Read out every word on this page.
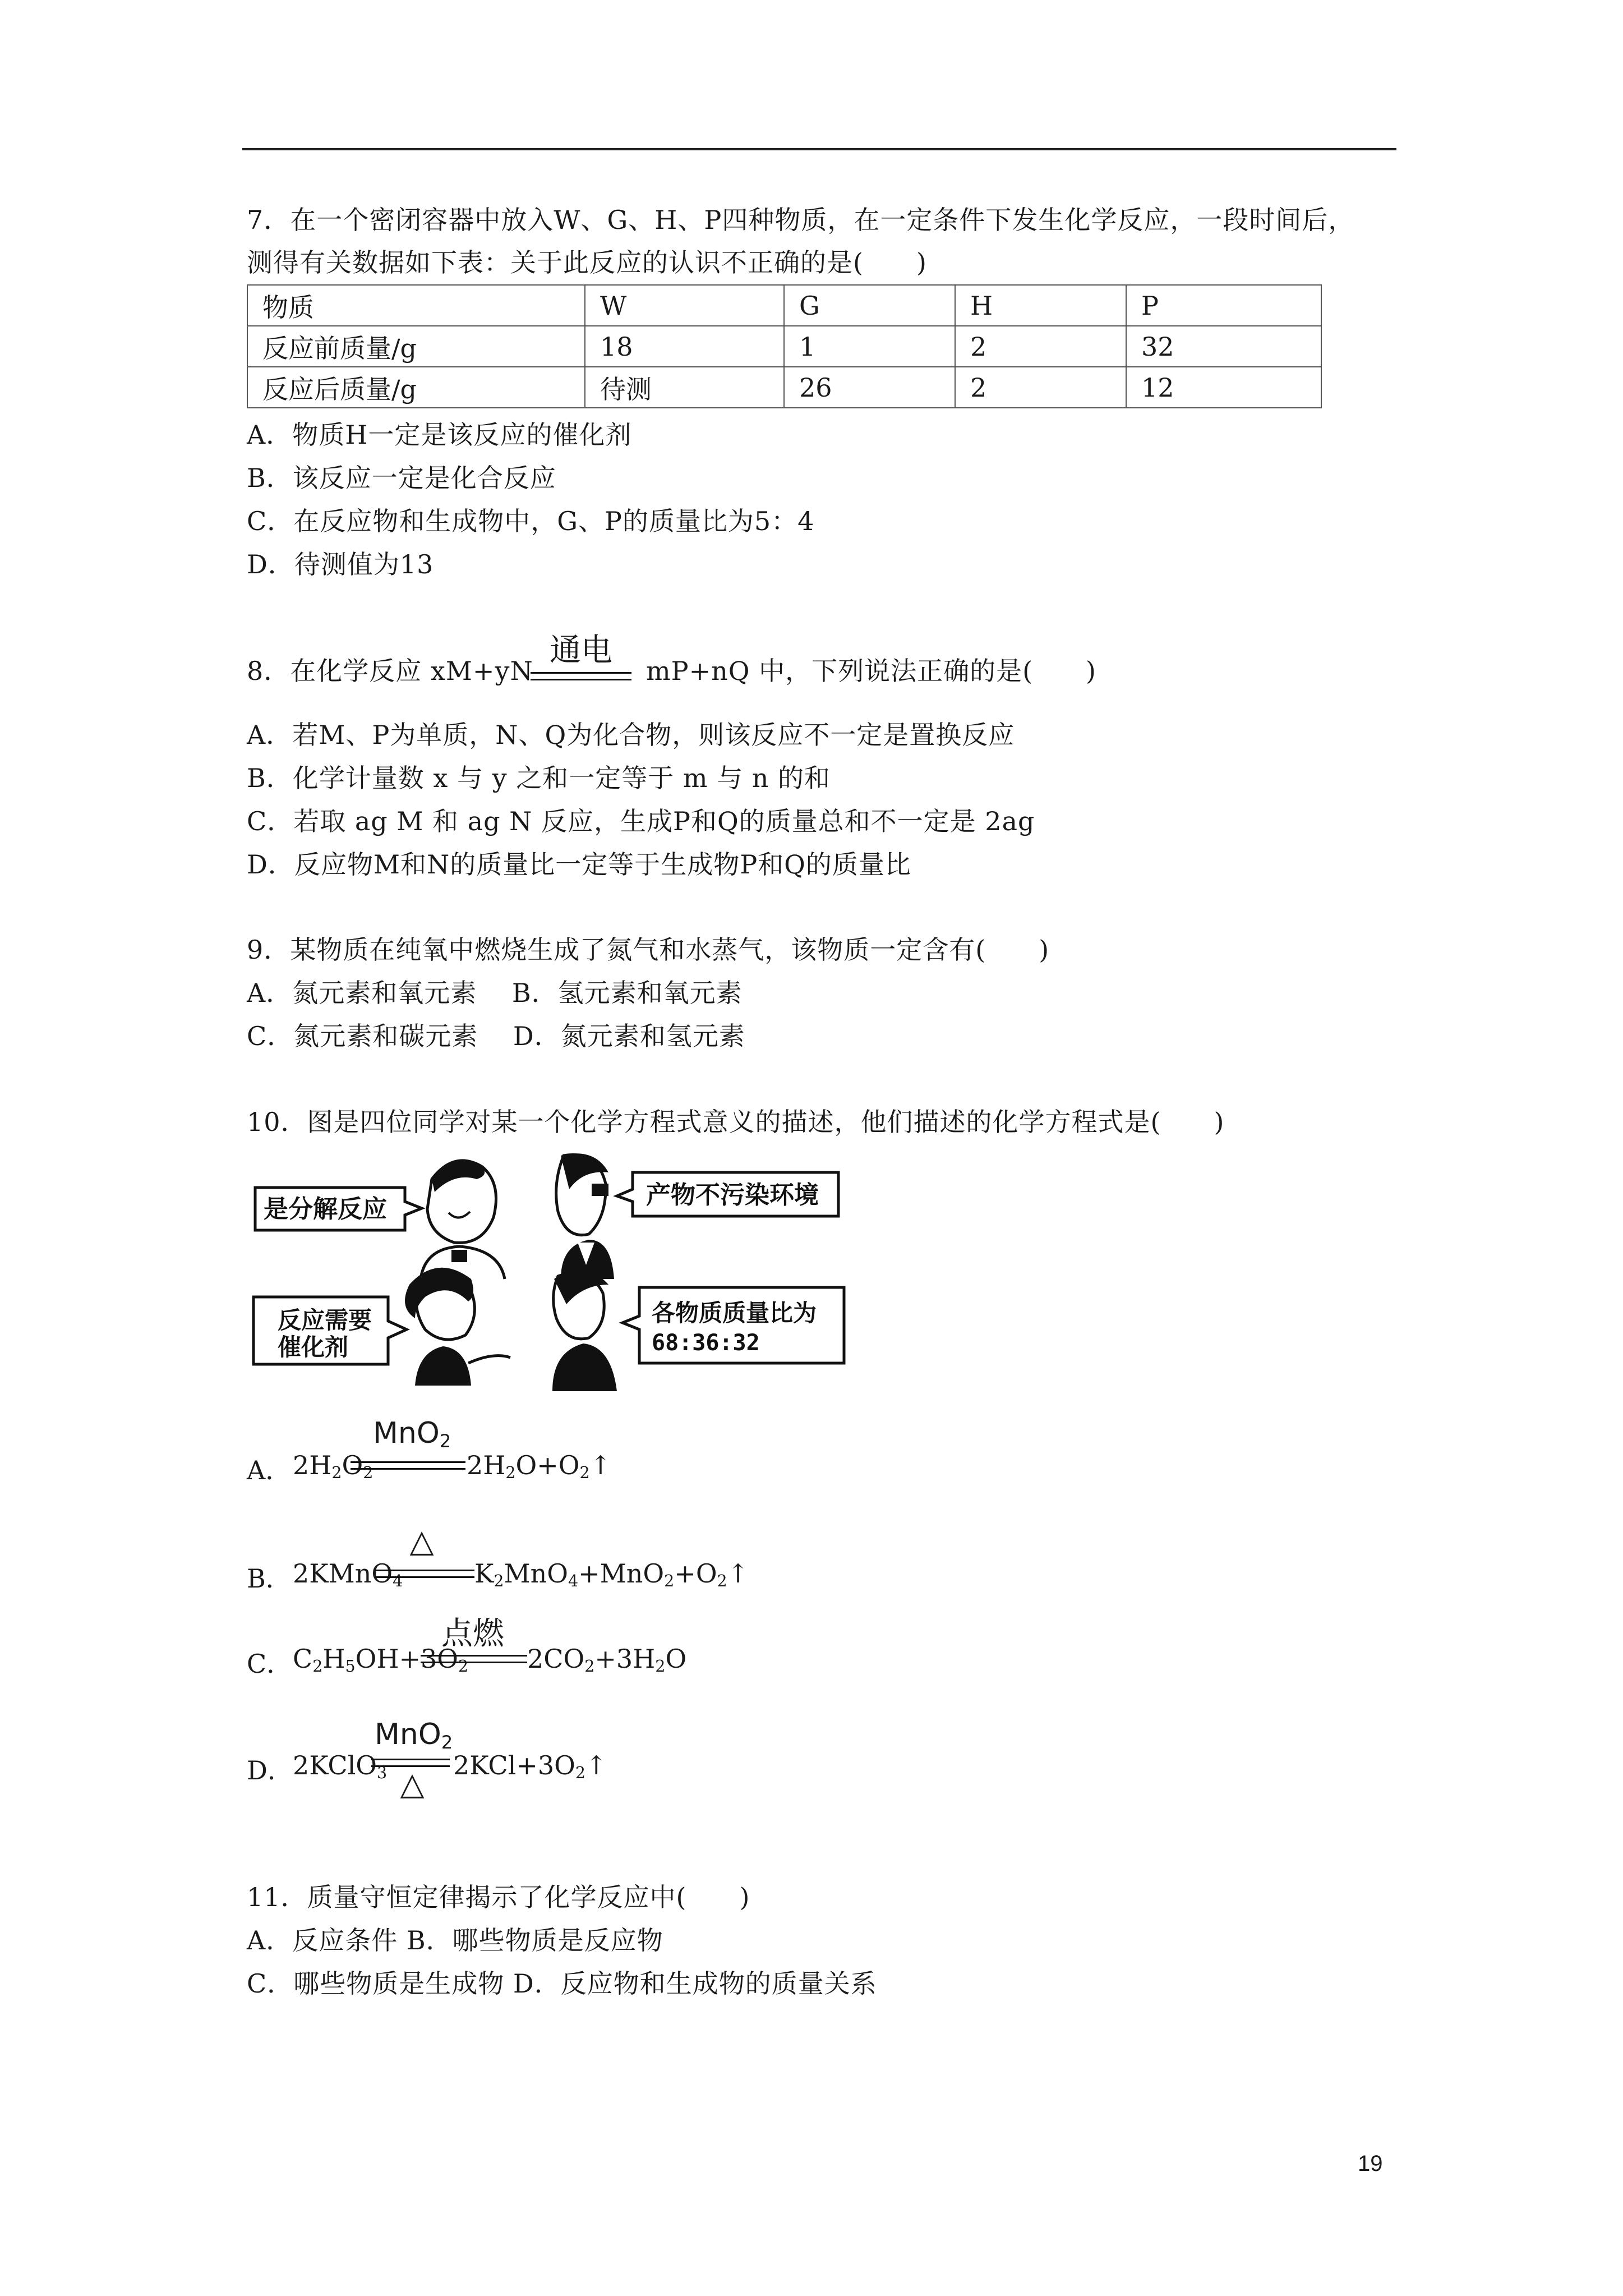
7．在一个密闭容器中放入W、G、H、P四种物质，在一定条件下发生化学反应，一段时间后，
测得有关数据如下表：关于此反应的认识不正确的是(　　)
物质	W	G	H	P
反应前质量/g	18	1	2	32
反应后质量/g	待测	26	2	12
A．物质H一定是该反应的催化剂
B．该反应一定是化合反应
C．在反应物和生成物中，G、P的质量比为5：4
D．待测值为13
8．在化学反应 xM+yN
通电
mP+nQ 中，下列说法正确的是(　　)
A．若M、P为单质，N、Q为化合物，则该反应不一定是置换反应
B．化学计量数 x 与 y 之和一定等于 m 与 n 的和
C．若取 ag M 和 ag N 反应，生成P和Q的质量总和不一定是 2ag
D．反应物M和N的质量比一定等于生成物P和Q的质量比
9．某物质在纯氧中燃烧生成了氮气和水蒸气，该物质一定含有(　　)
A．氮元素和氧元素　 B．氢元素和氧元素
C．氮元素和碳元素　 D．氮元素和氢元素
10．图是四位同学对某一个化学方程式意义的描述，他们描述的化学方程式是(　　)
是分解反应	产物不污染环境
反应需要
催化剂
各物质质量比为
68:36:32
A． $2H_2O_2$
MnO$_2$
$2H_2O+O_2↑$
B． 2KMnO$_4$
△
$K_2MnO_4+MnO_2+O_2↑$
C． $C_2H_5OH+3O_2$
点燃
$2CO_2+3H_2O$
D． 2KClO$_3$
MnO$_2$
△
$2KCl+3O_2↑$
11．质量守恒定律揭示了化学反应中(　　)
A．反应条件 B．哪些物质是反应物
C．哪些物质是生成物 D．反应物和生成物的质量关系
19
